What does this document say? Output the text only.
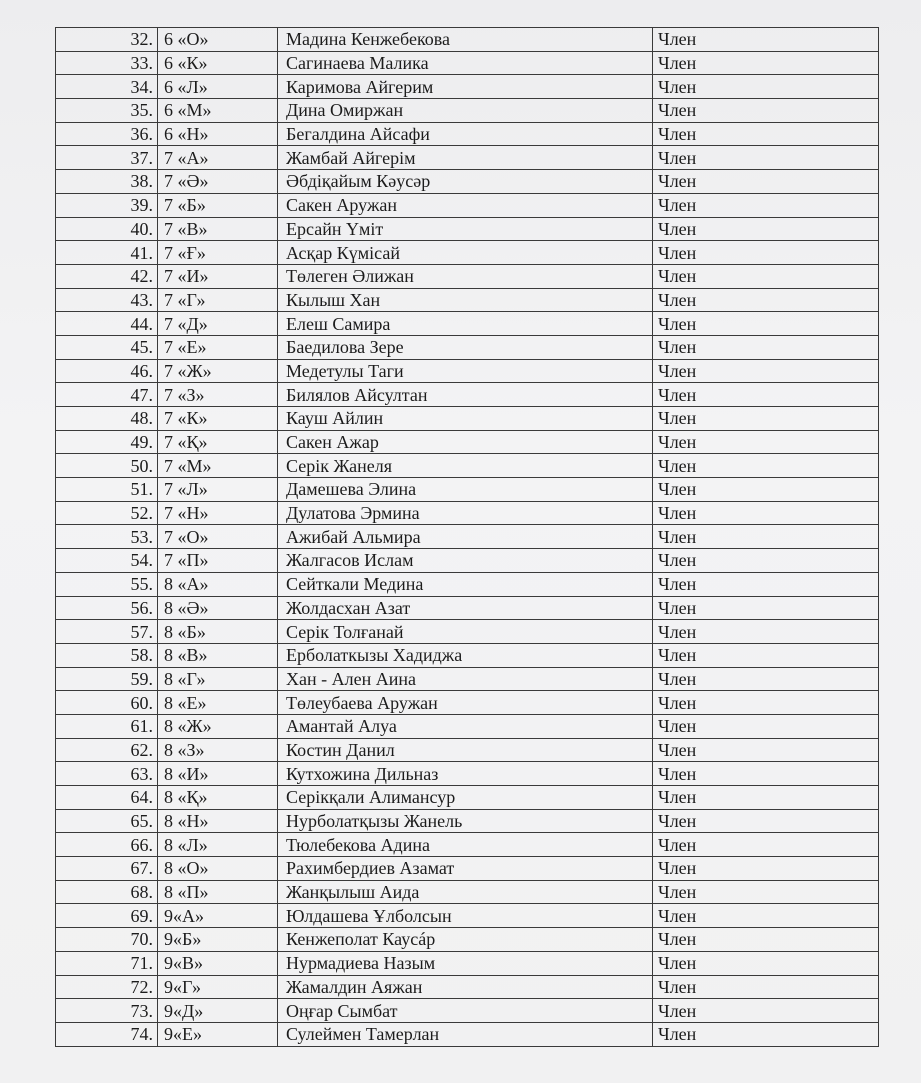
32.	6 «О»	Мадина Кенжебекова	Член
33.	6 «К»	Сагинаева Малика	Член
34.	6 «Л»	Каримова Айгерим	Член
35.	6 «М»	Дина Омиржан	Член
36.	6 «Н»	Бегалдина Айсафи	Член
37.	7 «А»	Жамбай Айгерім	Член
38.	7 «Ә»	Әбдіқайым Кәусәр	Член
39.	7 «Б»	Сакен Аружан	Член
40.	7 «В»	Ерсайн Үміт	Член
41.	7 «Ғ»	Асқар Күмісай	Член
42.	7 «И»	Төлеген Әлижан	Член
43.	7 «Г»	Кылыш Хан	Член
44.	7 «Д»	Елеш Самира	Член
45.	7 «Е»	Баедилова Зере	Член
46.	7 «Ж»	Медетулы Таги	Член
47.	7 «З»	Билялов Айсултан	Член
48.	7 «К»	Кауш Айлин	Член
49.	7 «Қ»	Сакен Ажар	Член
50.	7 «М»	Серік Жанеля	Член
51.	7 «Л»	Дамешева Элина	Член
52.	7 «Н»	Дулатова Эрмина	Член
53.	7 «О»	Ажибай Альмира	Член
54.	7 «П»	Жалгасов Ислам	Член
55.	8 «А»	Сейткали Медина	Член
56.	8 «Ә»	Жолдасхан Азат	Член
57.	8 «Б»	Серік Толғанай	Член
58.	8 «В»	Ерболаткызы Хадиджа	Член
59.	8 «Г»	Хан - Ален Аина	Член
60.	8 «Е»	Төлеубаева Аружан	Член
61.	8 «Ж»	Амантай Алуа	Член
62.	8 «З»	Костин Данил	Член
63.	8 «И»	Кутхожина Дильназ	Член
64.	8 «Қ»	Серікқали Алимансур	Член
65.	8 «Н»	Нурболатқызы Жанель	Член
66.	8 «Л»	Тюлебекова Адина	Член
67.	8 «О»	Рахимбердиев Азамат	Член
68.	8 «П»	Жанқылыш Аида	Член
69.	9«А»	Юлдашева Ұлболсын	Член
70.	9«Б»	Кенжеполат Каусáр	Член
71.	9«В»	Нурмадиева Назым	Член
72.	9«Г»	Жамалдин Аяжан	Член
73.	9«Д»	Оңғар Сымбат	Член
74.	9«Е»	Сулеймен Тамерлан	Член
